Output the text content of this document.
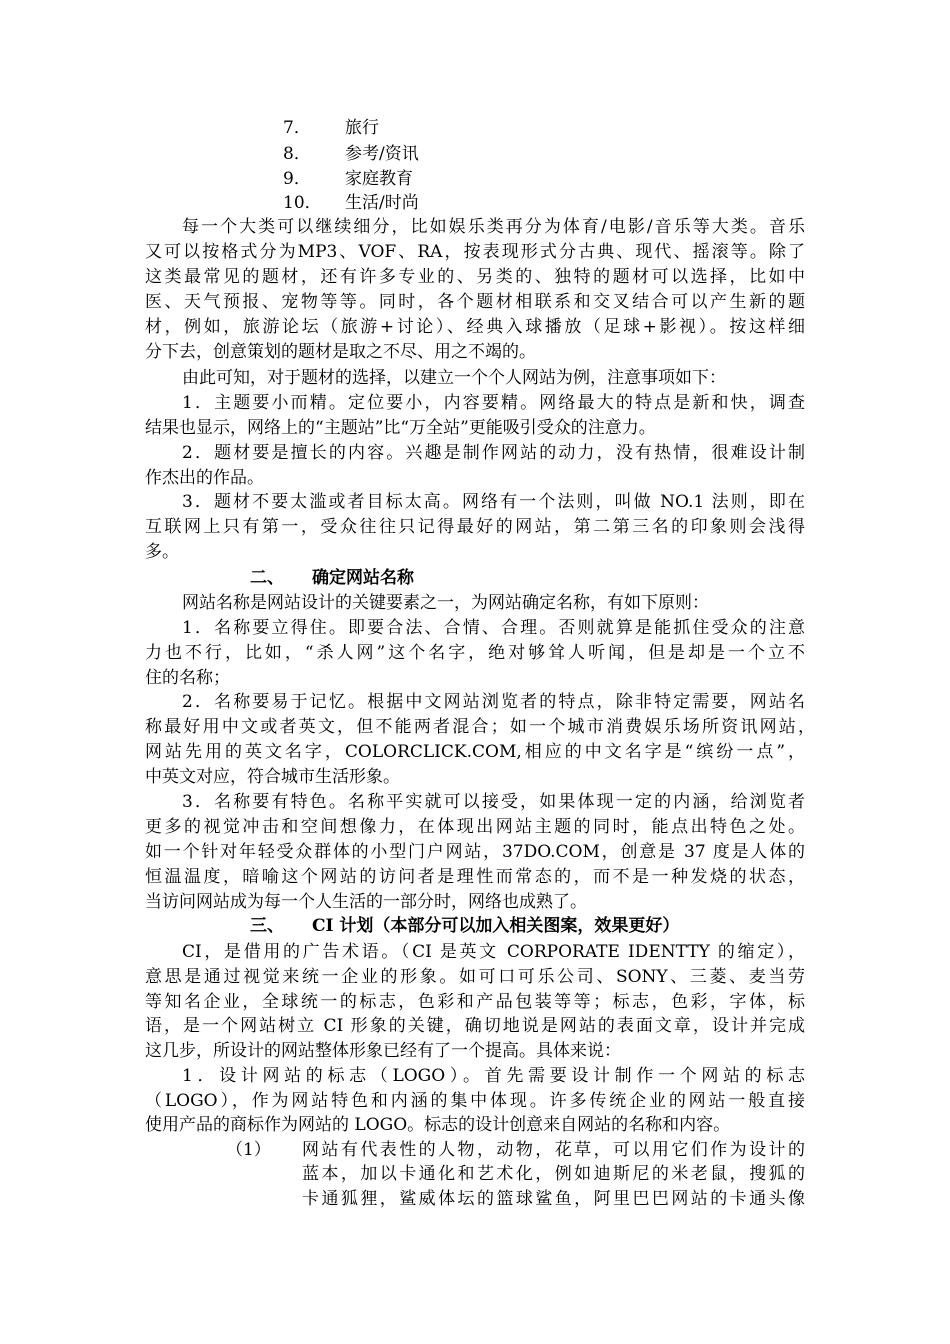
7． 旅行
8． 参考/资讯
9． 家庭教育
10． 生活/时尚
每一个大类可以继续细分，比如娱乐类再分为体育/电影/音乐等大类。音乐
又可以按格式分为MP3、VOF、RA，按表现形式分古典、现代、摇滚等。除了
这类最常见的题材，还有许多专业的、另类的、独特的题材可以选择，比如中
医、天气预报、宠物等等。同时，各个题材相联系和交叉结合可以产生新的题
材，例如，旅游论坛（旅游+讨论）、经典入球播放（足球+影视）。按这样细
分下去，创意策划的题材是取之不尽、用之不竭的。
由此可知，对于题材的选择，以建立一个个人网站为例，注意事项如下：
1．主题要小而精。定位要小，内容要精。网络最大的特点是新和快，调查
结果也显示，网络上的“主题站”比“万全站”更能吸引受众的注意力。
2．题材要是擅长的内容。兴趣是制作网站的动力，没有热情，很难设计制
作杰出的作品。
3．题材不要太滥或者目标太高。网络有一个法则，叫做 NO.1 法则，即在
互联网上只有第一，受众往往只记得最好的网站，第二第三名的印象则会浅得
多。
二、 确定网站名称
网站名称是网站设计的关键要素之一，为网站确定名称，有如下原则：
1．名称要立得住。即要合法、合情、合理。否则就算是能抓住受众的注意
力也不行，比如，“杀人网”这个名字，绝对够耸人听闻，但是却是一个立不
住的名称；
2．名称要易于记忆。根据中文网站浏览者的特点，除非特定需要，网站名
称最好用中文或者英文，但不能两者混合；如一个城市消费娱乐场所资讯网站，
网站先用的英文名字，COLORCLICK.COM,相应的中文名字是“缤纷一点”，
中英文对应，符合城市生活形象。
3．名称要有特色。名称平实就可以接受，如果体现一定的内涵，给浏览者
更多的视觉冲击和空间想像力，在体现出网站主题的同时，能点出特色之处。
如一个针对年轻受众群体的小型门户网站，37DO.COM，创意是 37 度是人体的
恒温温度，暗喻这个网站的访问者是理性而常态的，而不是一种发烧的状态，
当访问网站成为每一个人生活的一部分时，网络也成熟了。
三、 CI 计划（本部分可以加入相关图案，效果更好）
CI，是借用的广告术语。（CI 是英文 CORPORATE IDENTTY 的缩定），
意思是通过视觉来统一企业的形象。如可口可乐公司、SONY、三菱、麦当劳
等知名企业，全球统一的标志，色彩和产品包装等等；标志，色彩，字体，标
语，是一个网站树立 CI 形象的关键，确切地说是网站的表面文章，设计并完成
这几步，所设计的网站整体形象已经有了一个提高。具体来说：
1．设计网站的标志（LOGO）。首先需要设计制作一个网站的标志
（LOGO），作为网站特色和内涵的集中体现。许多传统企业的网站一般直接
使用产品的商标作为网站的 LOGO。标志的设计创意来自网站的名称和内容。
（1） 网站有代表性的人物，动物，花草，可以用它们作为设计的
蓝本，加以卡通化和艺术化，例如迪斯尼的米老鼠，搜狐的
卡通狐狸，鲨威体坛的篮球鲨鱼，阿里巴巴网站的卡通头像
